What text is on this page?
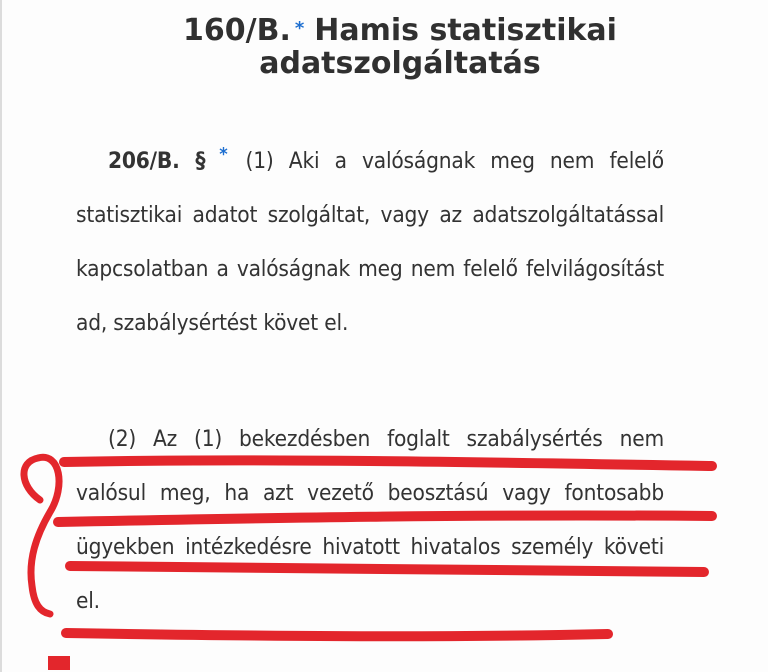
160/B. * Hamis statisztikai
adatszolgáltatás
206/B. § * (1) Aki a valóságnak meg nem felelő statisztikai adatot szolgáltat, vagy az adatszolgáltatással kapcsolatban a valóságnak meg nem felelő felvilágosítást ad, szabálysértést követ el.
(2) Az (1) bekezdésben foglalt szabálysértés nem valósul meg, ha azt vezető beosztású vagy fontosabb ügyekben intézkedésre hivatott hivatalos személy követi el.
